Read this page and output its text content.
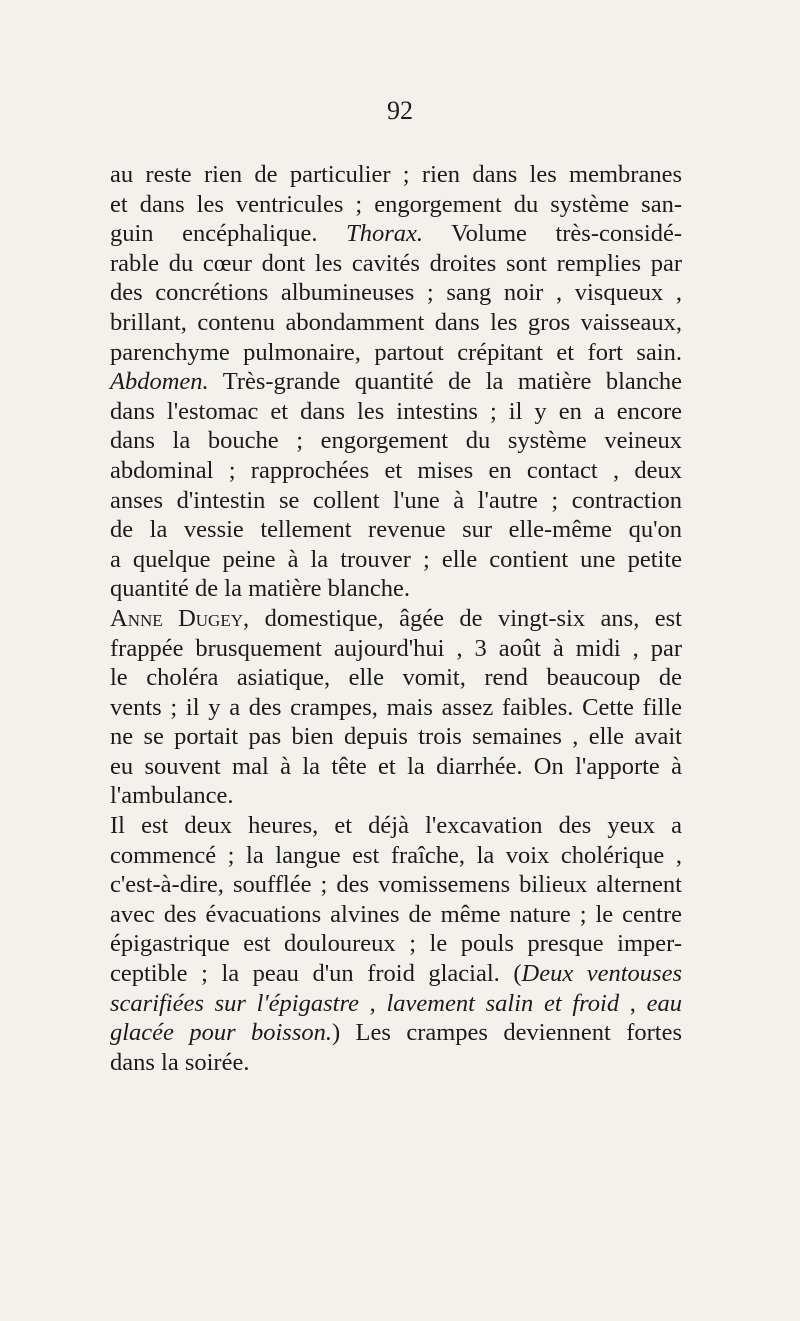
92
au reste rien de particulier ; rien dans les membranes
et dans les ventricules ; engorgement du système san-
guin encéphalique. Thorax. Volume très-considé-
rable du cœur dont les cavités droites sont remplies par
des concrétions albumineuses ; sang noir , visqueux ,
brillant, contenu abondamment dans les gros vaisseaux,
parenchyme pulmonaire, partout crépitant et fort sain.
Abdomen. Très-grande quantité de la matière blanche
dans l'estomac et dans les intestins ; il y en a encore
dans la bouche ; engorgement du système veineux
abdominal ; rapprochées et mises en contact , deux
anses d'intestin se collent l'une à l'autre ; contraction
de la vessie tellement revenue sur elle-même qu'on
a quelque peine à la trouver ; elle contient une petite
quantité de la matière blanche.
Anne Dugey, domestique, âgée de vingt-six ans, est
frappée brusquement aujourd'hui , 3 août à midi , par
le choléra asiatique, elle vomit, rend beaucoup de
vents ; il y a des crampes, mais assez faibles. Cette fille
ne se portait pas bien depuis trois semaines , elle avait
eu souvent mal à la tête et la diarrhée. On l'apporte à
l'ambulance.
Il est deux heures, et déjà l'excavation des yeux a
commencé ; la langue est fraîche, la voix cholérique ,
c'est-à-dire, soufflée ; des vomissemens bilieux alternent
avec des évacuations alvines de même nature ; le centre
épigastrique est douloureux ; le pouls presque imper-
ceptible ; la peau d'un froid glacial. (Deux ventouses
scarifiées sur l'épigastre , lavement salin et froid , eau
glacée pour boisson.) Les crampes deviennent fortes
dans la soirée.
